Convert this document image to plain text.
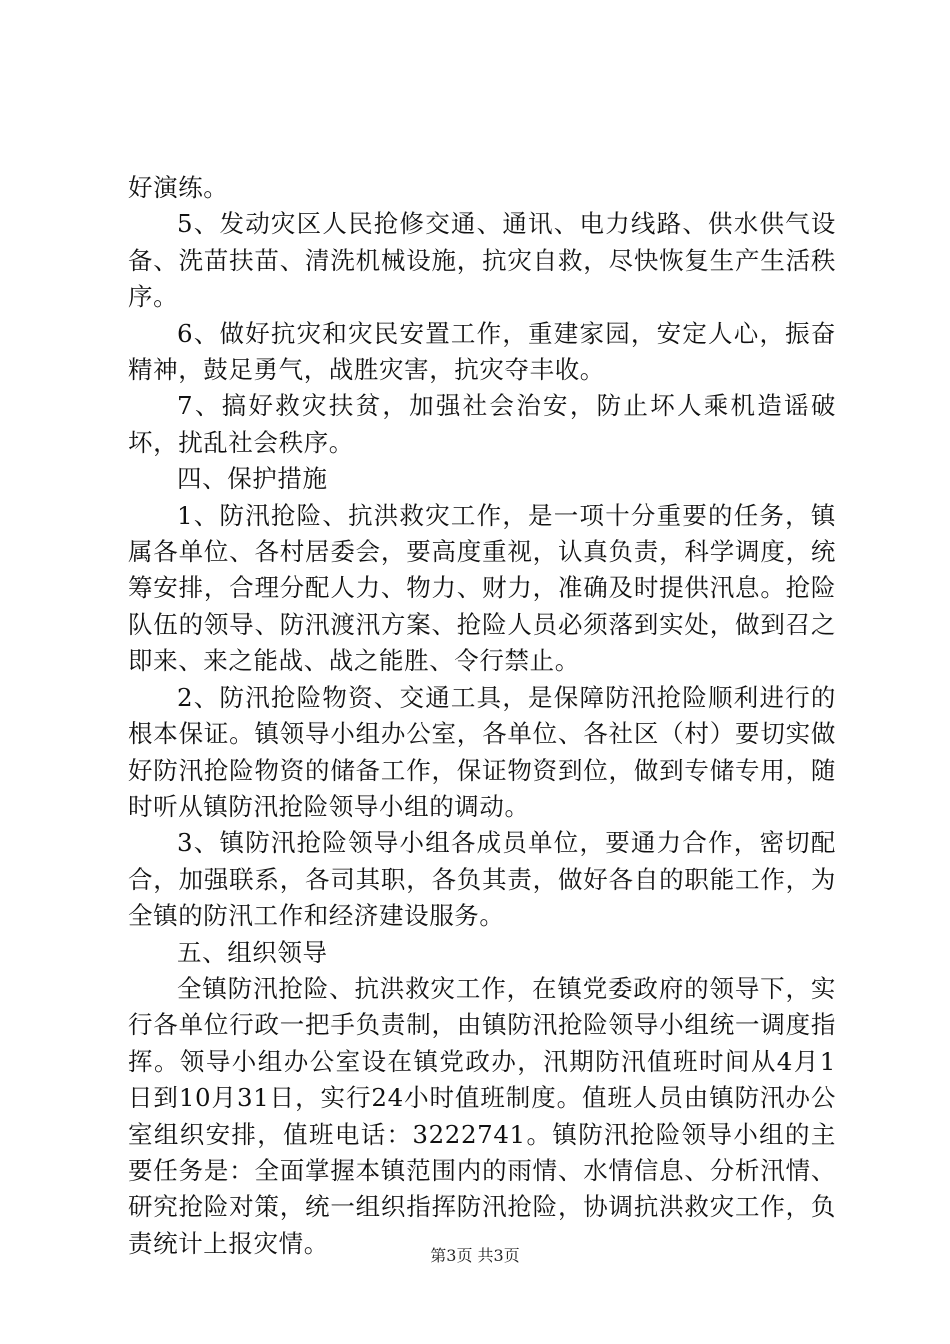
好演练。

5、发动灾区人民抢修交通、通讯、电力线路、供水供气设备、洗苗扶苗、清洗机械设施，抗灾自救，尽快恢复生产生活秩序。

6、做好抗灾和灾民安置工作，重建家园，安定人心，振奋精神，鼓足勇气，战胜灾害，抗灾夺丰收。

7、搞好救灾扶贫，加强社会治安，防止坏人乘机造谣破坏，扰乱社会秩序。

四、保护措施

1、防汛抢险、抗洪救灾工作，是一项十分重要的任务，镇属各单位、各村居委会，要高度重视，认真负责，科学调度，统筹安排，合理分配人力、物力、财力，准确及时提供汛息。抢险队伍的领导、防汛渡汛方案、抢险人员必须落到实处，做到召之即来、来之能战、战之能胜、令行禁止。

2、防汛抢险物资、交通工具，是保障防汛抢险顺利进行的根本保证。镇领导小组办公室，各单位、各社区（村）要切实做好防汛抢险物资的储备工作，保证物资到位，做到专储专用，随时听从镇防汛抢险领导小组的调动。

3、镇防汛抢险领导小组各成员单位，要通力合作，密切配合，加强联系，各司其职，各负其责，做好各自的职能工作，为全镇的防汛工作和经济建设服务。

五、组织领导

全镇防汛抢险、抗洪救灾工作，在镇党委政府的领导下，实行各单位行政一把手负责制，由镇防汛抢险领导小组统一调度指挥。领导小组办公室设在镇党政办，汛期防汛值班时间从4月1日到10月31日，实行24小时值班制度。值班人员由镇防汛办公室组织安排，值班电话：3222741。镇防汛抢险领导小组的主要任务是：全面掌握本镇范围内的雨情、水情信息、分析汛情、研究抢险对策，统一组织指挥防汛抢险，协调抗洪救灾工作，负责统计上报灾情。	第3页 共3页
